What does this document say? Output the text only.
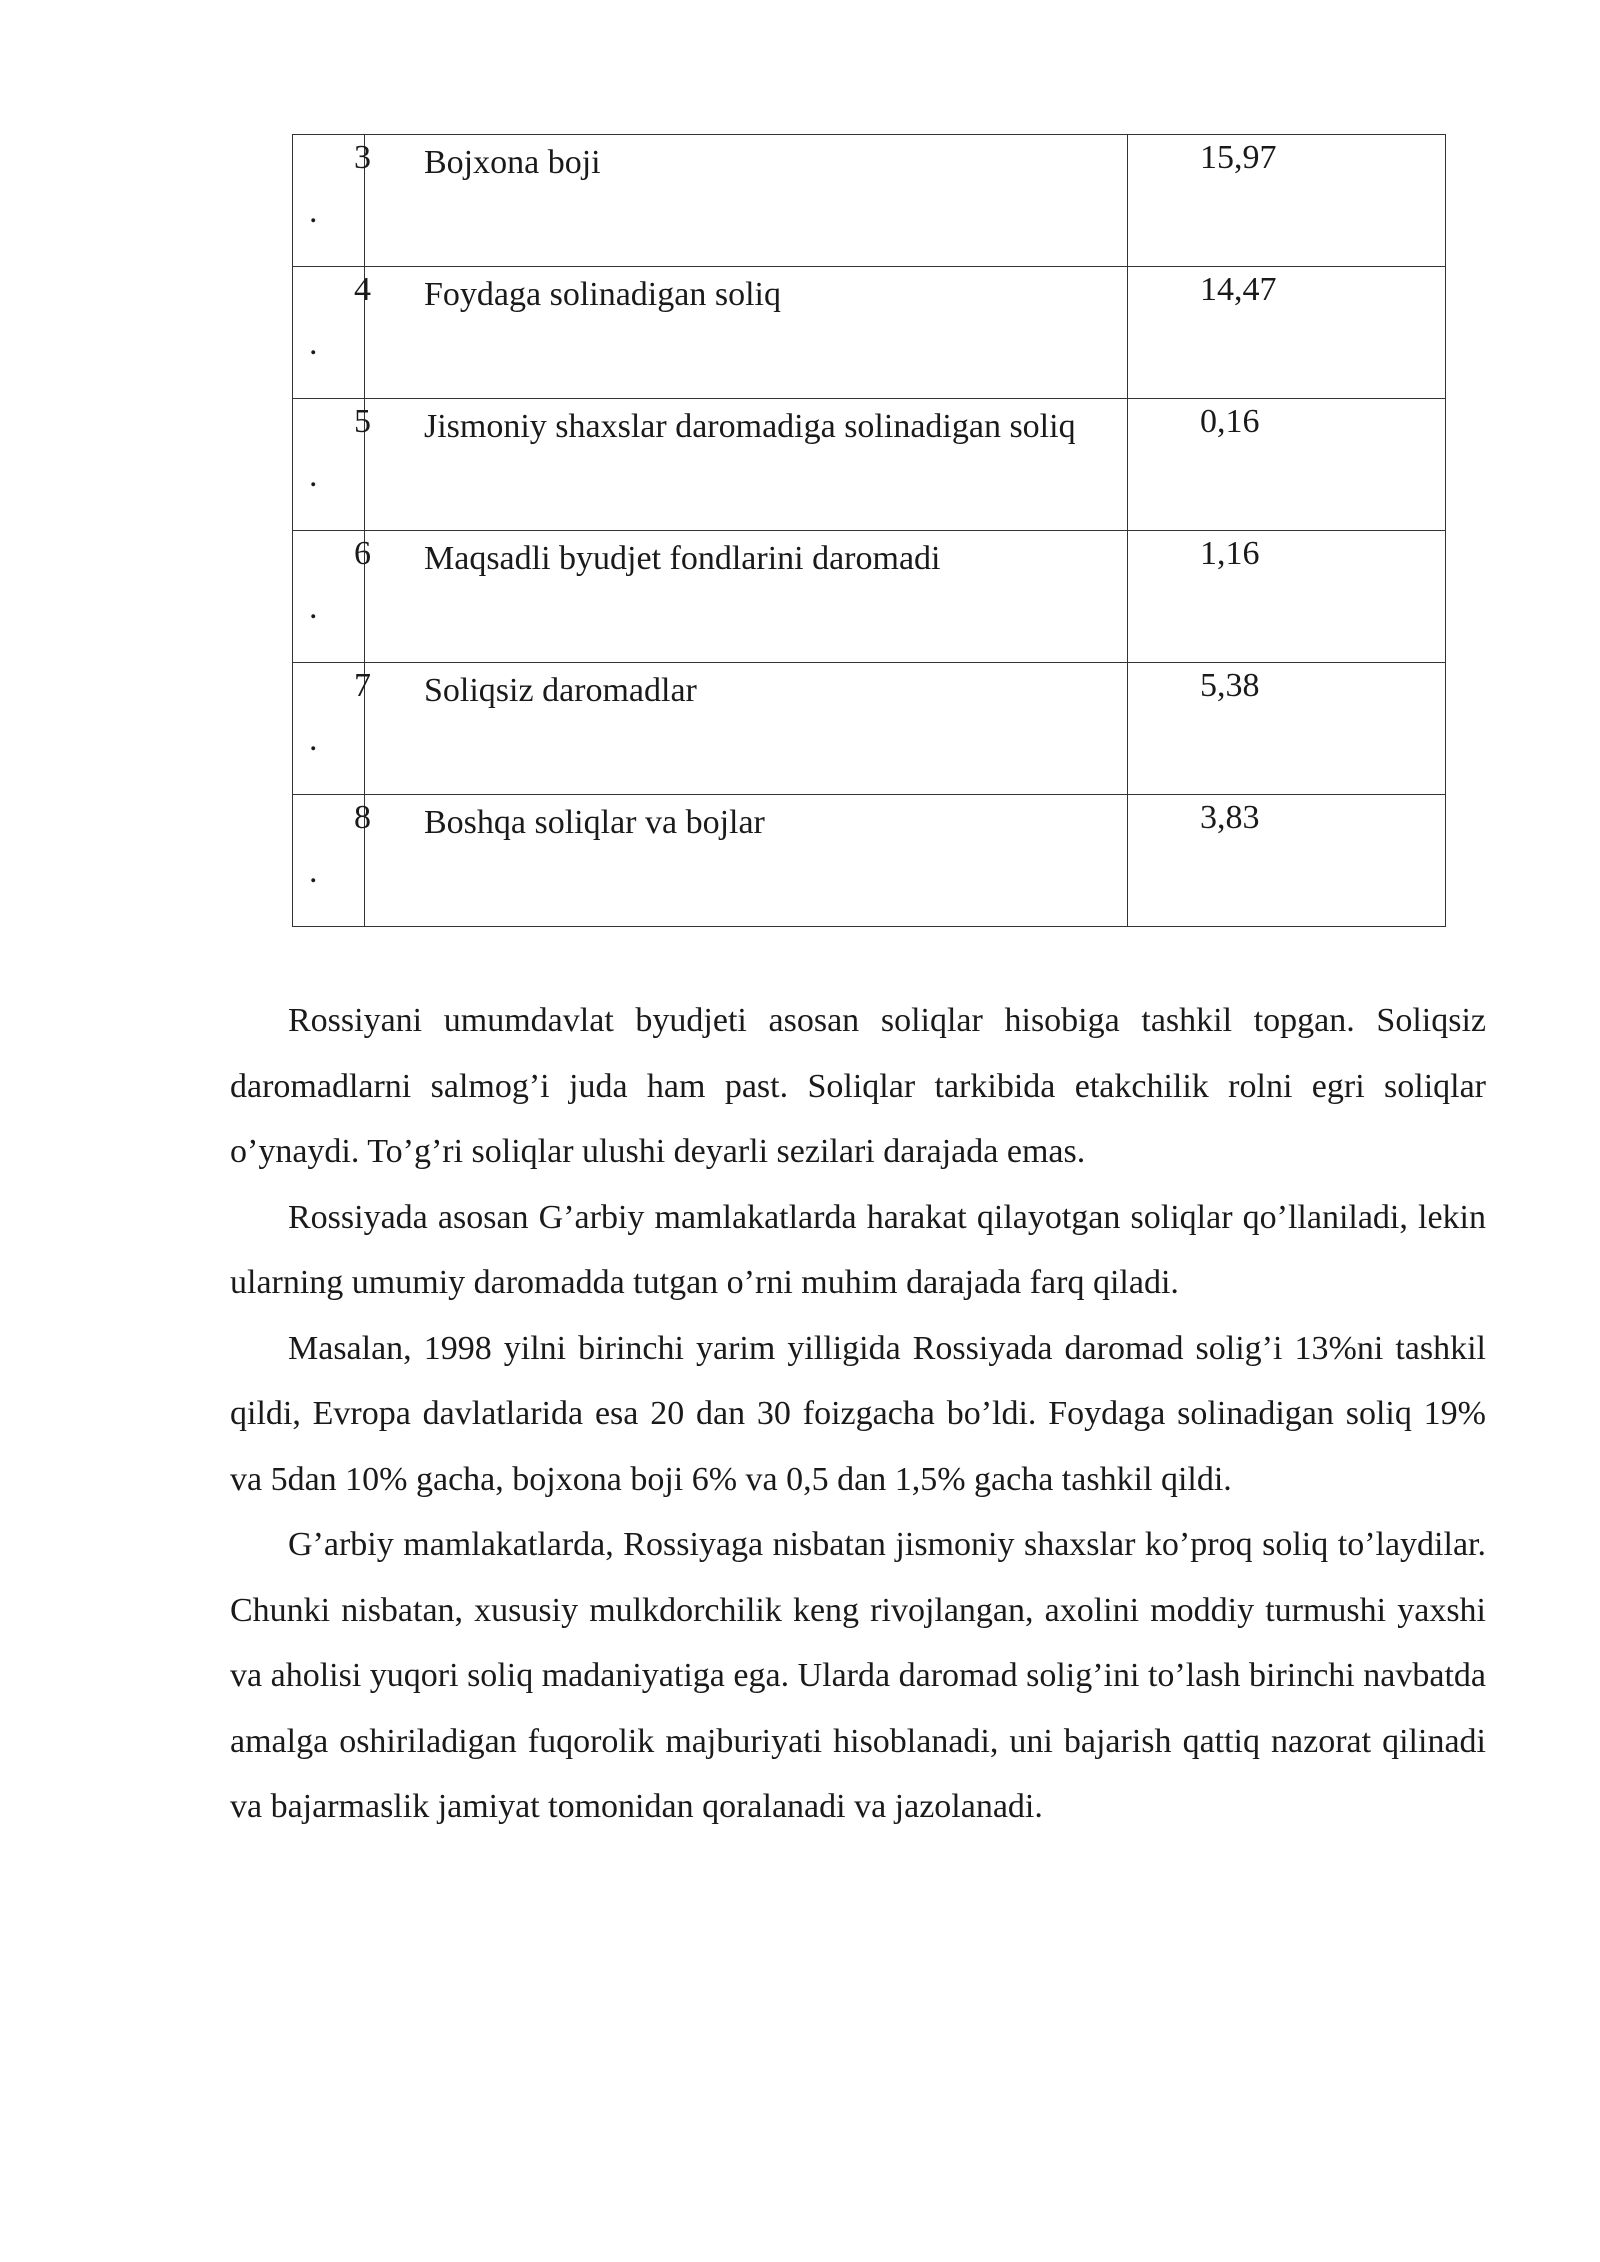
3
.	Bojxona boji	15,97

4
.	Foydaga solinadigan soliq	14,47

5
.	Jismoniy shaxslar daromadiga solinadigan soliq	0,16

6
.	Maqsadli byudjet fondlarini daromadi	1,16

7
.	Soliqsiz daromadlar	5,38

8
.	Boshqa soliqlar va bojlar	3,83

Rossiyani umumdavlat byudjeti asosan soliqlar hisobiga tashkil topgan. Soliqsiz daromadlarni salmog’i juda ham past. Soliqlar tarkibida etakchilik rolni egri soliqlar o’ynaydi. To’g’ri soliqlar ulushi deyarli sezilari darajada emas.

Rossiyada asosan G’arbiy mamlakatlarda harakat qilayotgan soliqlar qo’llaniladi, lekin ularning umumiy daromadda tutgan o’rni muhim darajada farq qiladi.

Masalan, 1998 yilni birinchi yarim yilligida Rossiyada daromad solig’i 13%ni tashkil qildi, Evropa davlatlarida esa 20 dan 30 foizgacha bo’ldi. Foydaga solinadigan soliq 19% va 5dan 10% gacha, bojxona boji 6% va 0,5 dan 1,5% gacha tashkil qildi.

G’arbiy mamlakatlarda, Rossiyaga nisbatan jismoniy shaxslar ko’proq soliq to’laydilar. Chunki nisbatan, xususiy mulkdorchilik keng rivojlangan, axolini moddiy turmushi yaxshi va aholisi yuqori soliq madaniyatiga ega. Ularda daromad solig’ini to’lash birinchi navbatda amalga oshiriladigan fuqorolik majburiyati hisoblanadi, uni bajarish qattiq nazorat qilinadi va bajarmaslik jamiyat tomonidan qoralanadi va jazolanadi.
